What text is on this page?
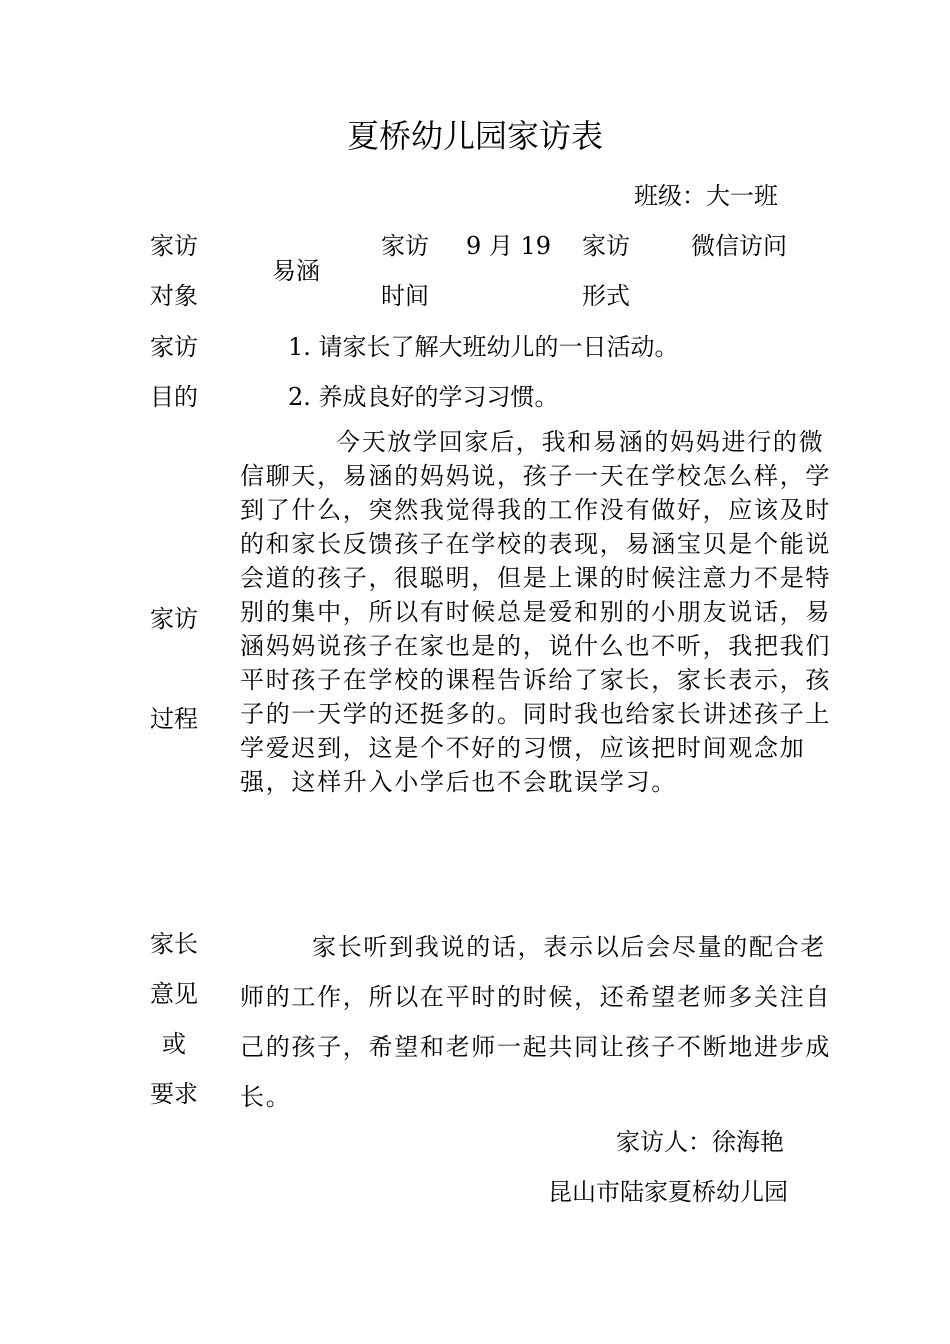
夏桥幼儿园家访表
班级：大一班
家访
对象
易涵
家访
时间
9 月 19 家访
形式
微信访问
家访
目的
1. 请家长了解大班幼儿的一日活动。
2. 养成良好的学习习惯。
家访
过程
今天放学回家后，我和易涵的妈妈进行的微信聊天，易涵的妈妈说，孩子一天在学校怎么样，学到了什么，突然我觉得我的工作没有做好，应该及时的和家长反馈孩子在学校的表现，易涵宝贝是个能说会道的孩子，很聪明，但是上课的时候注意力不是特别的集中，所以有时候总是爱和别的小朋友说话，易涵妈妈说孩子在家也是的，说什么也不听，我把我们平时孩子在学校的课程告诉给了家长，家长表示，孩子的一天学的还挺多的。同时我也给家长讲述孩子上学爱迟到，这是个不好的习惯，应该把时间观念加强，这样升入小学后也不会耽误学习。
家长
意见
或
要求
家长听到我说的话，表示以后会尽量的配合老师的工作，所以在平时的时候，还希望老师多关注自己的孩子，希望和老师一起共同让孩子不断地进步成长。
家访人：徐海艳
昆山市陆家夏桥幼儿园
